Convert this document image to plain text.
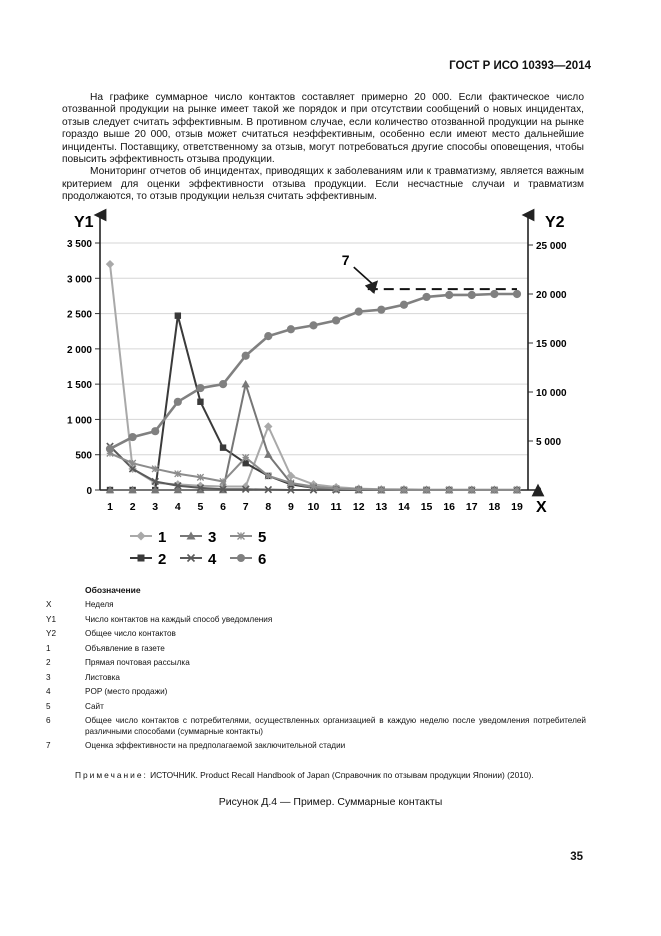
ГОСТ Р ИСО 10393—2014

На графике суммарное число контактов составляет примерно 20 000. Если фактическое число отозванной продукции на рынке имеет такой же порядок и при отсутствии сообщений о новых инцидентах, отзыв следует считать эффективным. В противном случае, если количество отозванной продукции на рынке гораздо выше 20 000, отзыв может считаться неэффективным, особенно если имеют место дальнейшие инциденты. Поставщику, ответственному за отзыв, могут потребоваться другие способы оповещения, чтобы повысить эффективность отзыва продукции.

Мониторинг отчетов об инцидентах, приводящих к заболеваниям или к травматизму, является важным критерием для оценки эффективности отзыва продукции. Если несчастные случаи и травматизм продолжаются, то отзыв продукции нельзя считать эффективным.

0
500
1 000
1 500
2 000
2 500
3 000
3 500
0
5 000
10 000
15 000
20 000
25 000
1 2 3 4 5 6 7 8 9 10 11 12 13 14 15 16 17 18 19
Y1	Y2
X
7
1	3	5
2	4	6
Обозначение
X	Неделя
Y1	Число контактов на каждый способ уведомления
Y2	Общее число контактов
1	Объявление в газете
2	Прямая почтовая рассылка
3	Листовка
4	POP (место продажи)
5	Сайт
6	Общее число контактов с потребителями, осуществленных организацией в каждую неделю после уведомления потребителей различными способами (суммарные контакты)
7	Оценка эффективности на предполагаемой заключительной стадии
Примечание: ИСТОЧНИК. Product Recall Handbook of Japan (Справочник по отзывам продукции Японии) (2010).
Рисунок Д.4 — Пример. Суммарные контакты
35
